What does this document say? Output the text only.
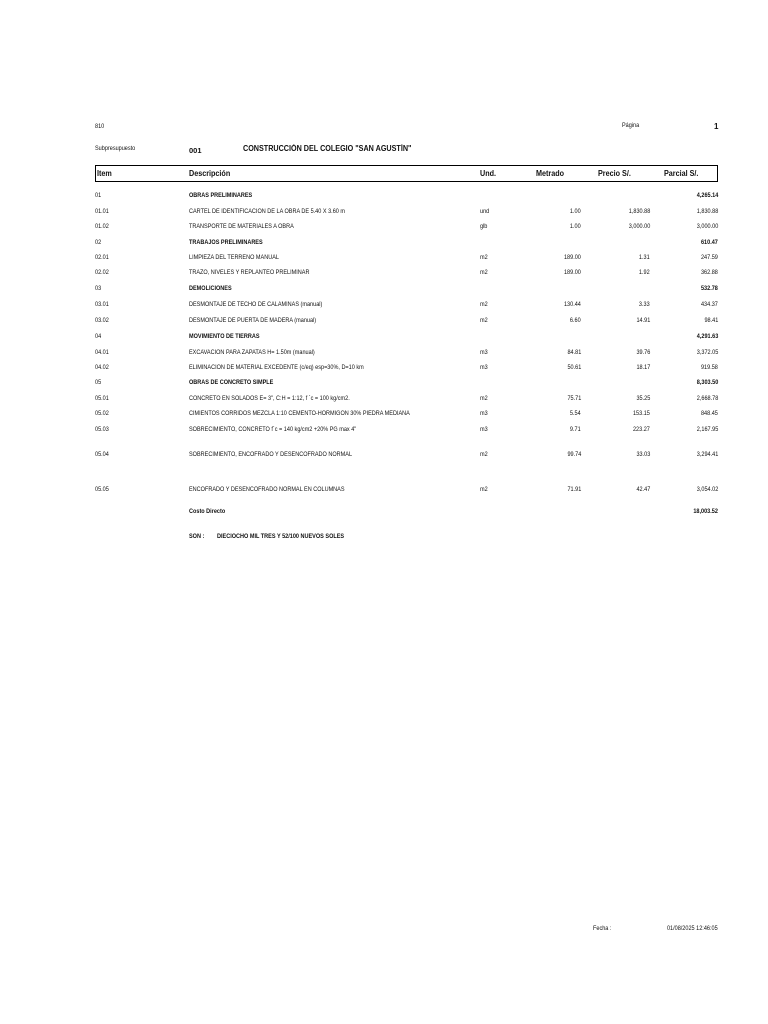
810	Página	1
Subpresupuesto	001	CONSTRUCCIÓN DEL COLEGIO "SAN AGUSTÍN"
Item	Descripción	Und.	Metrado	Precio S/.	Parcial S/.
01	OBRAS PRELIMINARES	4,265.14
01.01	CARTEL DE IDENTIFICACION DE LA OBRA DE 5.40 X 3.60 m	und	1.00	1,830.88	1,830.88
01.02	TRANSPORTE DE MATERIALES A OBRA	glb	1.00	3,000.00	3,000.00
02	TRABAJOS PRELIMINARES	610.47
02.01	LIMPIEZA DEL TERRENO MANUAL	m2	189.00	1.31	247.59
02.02	TRAZO, NIVELES Y REPLANTEO PRELIMINAR	m2	189.00	1.92	362.88
03	DEMOLICIONES	532.78
03.01	DESMONTAJE DE TECHO DE CALAMINAS (manual)	m2	130.44	3.33	434.37
03.02	DESMONTAJE DE PUERTA DE MADERA (manual)	m2	6.60	14.91	98.41
04	MOVIMIENTO DE TIERRAS	4,291.63
04.01	EXCAVACION PARA ZAPATAS H= 1.50m (manual)	m3	84.81	39.76	3,372.05
04.02	ELIMINACION DE MATERIAL EXCEDENTE (c/eq) esp=30%, D=10 km	m3	50.61	18.17	919.58
05	OBRAS DE CONCRETO SIMPLE	8,303.50
05.01	CONCRETO EN SOLADOS E= 3", C:H = 1:12, f `c = 100 kg/cm2.	m2	75.71	35.25	2,668.78
05.02	CIMIENTOS CORRIDOS MEZCLA 1:10 CEMENTO-HORMIGON 30% PIEDRA MEDIANA	m3	5.54	153.15	848.45
05.03	SOBRECIMIENTO, CONCRETO f´c = 140 kg/cm2 +20% PG max 4"	m3	9.71	223.27	2,167.95
05.04	SOBRECIMIENTO, ENCOFRADO Y DESENCOFRADO NORMAL	m2	99.74	33.03	3,294.41
05.05	ENCOFRADO Y DESENCOFRADO NORMAL EN COLUMNAS	m2	71.91	42.47	3,054.02
Costo Directo	18,003.52
SON : DIECIOCHO MIL TRES Y 52/100 NUEVOS SOLES
Fecha :	01/08/2025 12:46:05
